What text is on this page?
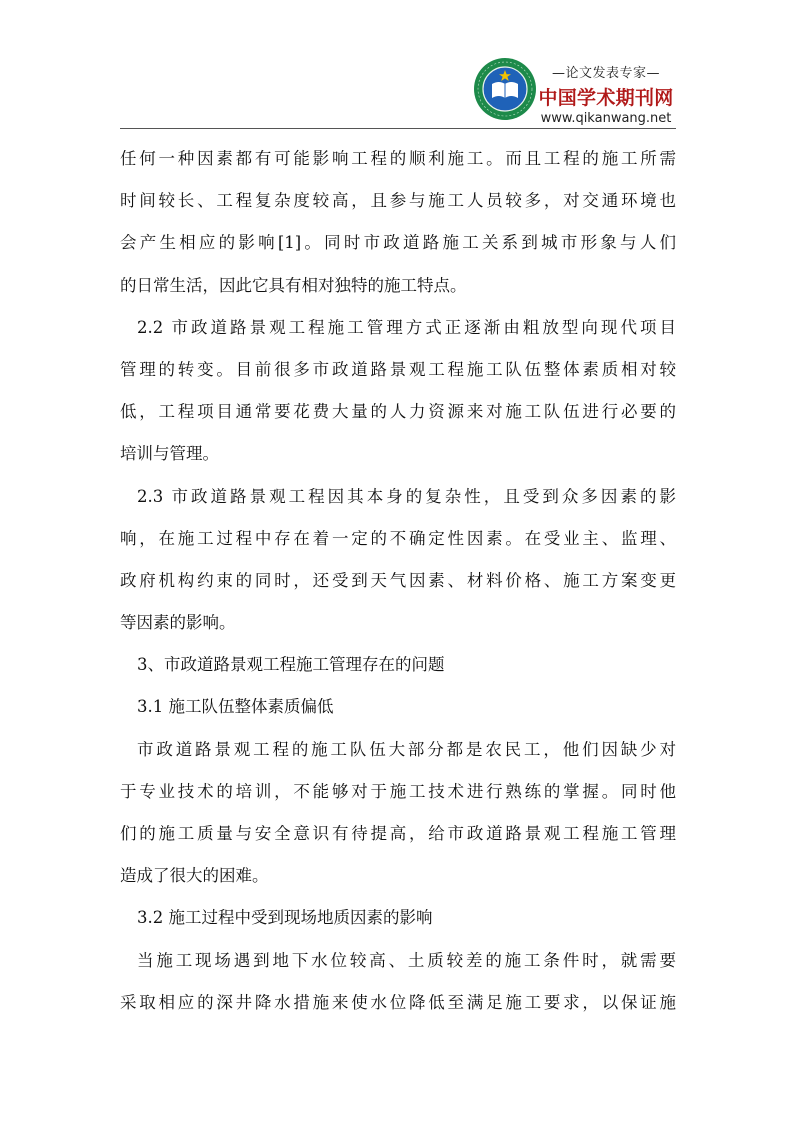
—论文发表专家—
中国学术期刊网
www.qikanwang.net
任何一种因素都有可能影响工程的顺利施工。而且工程的施工所需
时间较长、工程复杂度较高，且参与施工人员较多，对交通环境也
会产生相应的影响[1]。同时市政道路施工关系到城市形象与人们
的日常生活，因此它具有相对独特的施工特点。
2.2 市政道路景观工程施工管理方式正逐渐由粗放型向现代项目
管理的转变。目前很多市政道路景观工程施工队伍整体素质相对较
低，工程项目通常要花费大量的人力资源来对施工队伍进行必要的
培训与管理。
2.3 市政道路景观工程因其本身的复杂性，且受到众多因素的影
响，在施工过程中存在着一定的不确定性因素。在受业主、监理、
政府机构约束的同时，还受到天气因素、材料价格、施工方案变更
等因素的影响。
3、市政道路景观工程施工管理存在的问题
3.1 施工队伍整体素质偏低
市政道路景观工程的施工队伍大部分都是农民工，他们因缺少对
于专业技术的培训，不能够对于施工技术进行熟练的掌握。同时他
们的施工质量与安全意识有待提高，给市政道路景观工程施工管理
造成了很大的困难。
3.2 施工过程中受到现场地质因素的影响
当施工现场遇到地下水位较高、土质较差的施工条件时，就需要
采取相应的深井降水措施来使水位降低至满足施工要求，以保证施
